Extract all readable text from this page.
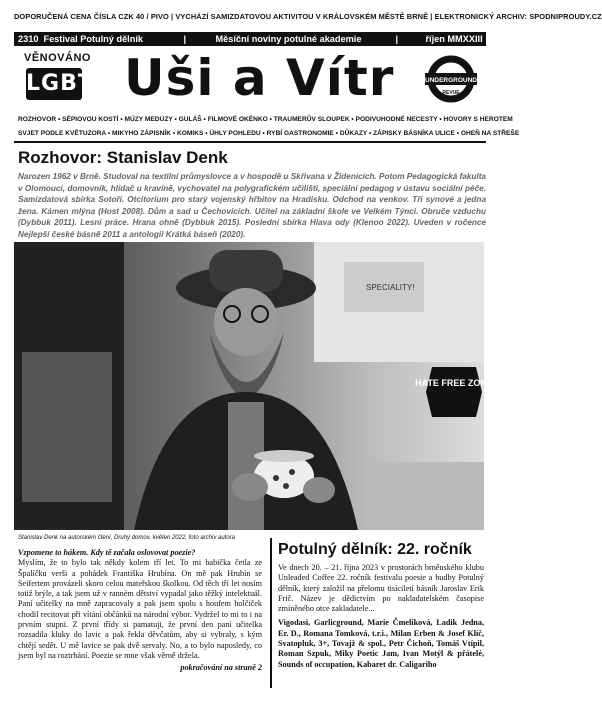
DOPORUČENÁ CENA ČÍSLA CZK 40 / PIVO | VYCHÁZÍ SAMIZDATOVOU AKTIVITOU V KRÁLOVSKÉM MĚSTĚ BRNĚ | ELEKTRONICKÝ ARCHIV: SPODNIPROUDY.CZ
2310 Festival Potulný dělník	|	Měsíční noviny potulné akademie	|	říjen MMXXIII
VĚNOVÁNO
LGBT Uši a Vítr	UNDERGROUND
REVUE
ROZHOVOR • SÉPIOVOU KOSTÍ • MÚZY MEDÚZY • GULÁŠ • FILMOVÉ OKÉNKO • TRAUMERŮV SLOUPEK • PODIVUHODNÉ NECESTY • HOVORY S HEROTEM
SVJET PODLE KVĚTUZORA • MIKYHO ZÁPISNÍK • KOMIKS • ÚHLY POHLEDU • RYBÍ GASTRONOMIE • DŮKAZY • ZÁPISKY BÁSNÍKA ULICE • OHEŇ NA STŘEŠE
Rozhovor: Stanislav Denk
Narozen 1962 v Brně. Studoval na textilní průmyslovce a v hospodě u Skřivana v Židenicích. Potom Pedagogická fakulta v Olomouci, domovník, hlídač u kravíně, vychovatel na polygrafickém učilišti, speciální pedagog v ústavu sociální péče. Samizdatová sbírka Sotoři. Otcitorium pro starý vojenský hřbitov na Hradisku. Odchod na venkov. Tři synové a jedna žena. Kámen mlýna (Host 2008). Dům a sad u Čechovicích. Učitel na základní škole ve Velkém Týnci. Obruče vzduchu (Dybbuk 2011). Lesní práce. Hrana ohně (Dybbuk 2015). Poslední sbírka Hlava ody (Klenoo 2022). Uveden v ročence Nejlepší české básně 2011 a antologii Krátká báseň (2020).
SPECIALITY!
HATE FREE ZONE
Stanislav Denk na autorském čtení, Druhý domov, květen 2022, foto archiv autora
Vzpomene to hákem. Kdy tě začala oslovovat poezie?
Myslím, že to bylo tak někdy kolem tří let. To mi babička četla ze Špalíčku verši a pohádek Františka Hrubína. On mě pak Hrubín se Seifertem provázeli skoro celou mateřskou školkou. Od těch tří let nosím totiž brýle, a tak jsem už v ranném dětství vypadal jako těžký intelektuál. Paní učitelky na mně zapracovaly a pak jsem spolu s houfem holčiček chodil recitovat při vítání občánků na národní výbor. Vydržel to mi to i na prvním stupni. Z první třídy si pamatuji, že první den paní učitelka rozsadila kluky do lavic a pak řekla děvčatům, aby si vybraly, s kým chtějí sedět. U mě lavice se pak dvě servaly. No, a to bylo naposledy, co jsem byl na roztrhání. Poezie se mne však věrně držela.
pokračování na straně 2
Potulný dělník: 22. ročník

Ve dnech 20. – 21. října 2023 v prostorách brněnského klubu Unleaded Coffee 22. ročník festivalu poesie a hudby Potulný dělník, který založil na přelomu tisíciletí básník Jaroslav Erik Frič. Název je dědictvím po nakladatelském časopise zmíněného otce zakladatele...

Vigodasi, Garlicground, Marie Čmelíková, Ladik Jedna, Er. D., Romana Tomková, t.r.i., Milan Erben & Josef Klíč, Svatopluk, 3+, Tovajž & spol., Petr Čichoň, Tomáš Vtípil, Roman Szpuk, Miky Poetic Jam, Ivan Motýl & přátelé, Sounds of occupation, Kabaret dr. Caligariho
